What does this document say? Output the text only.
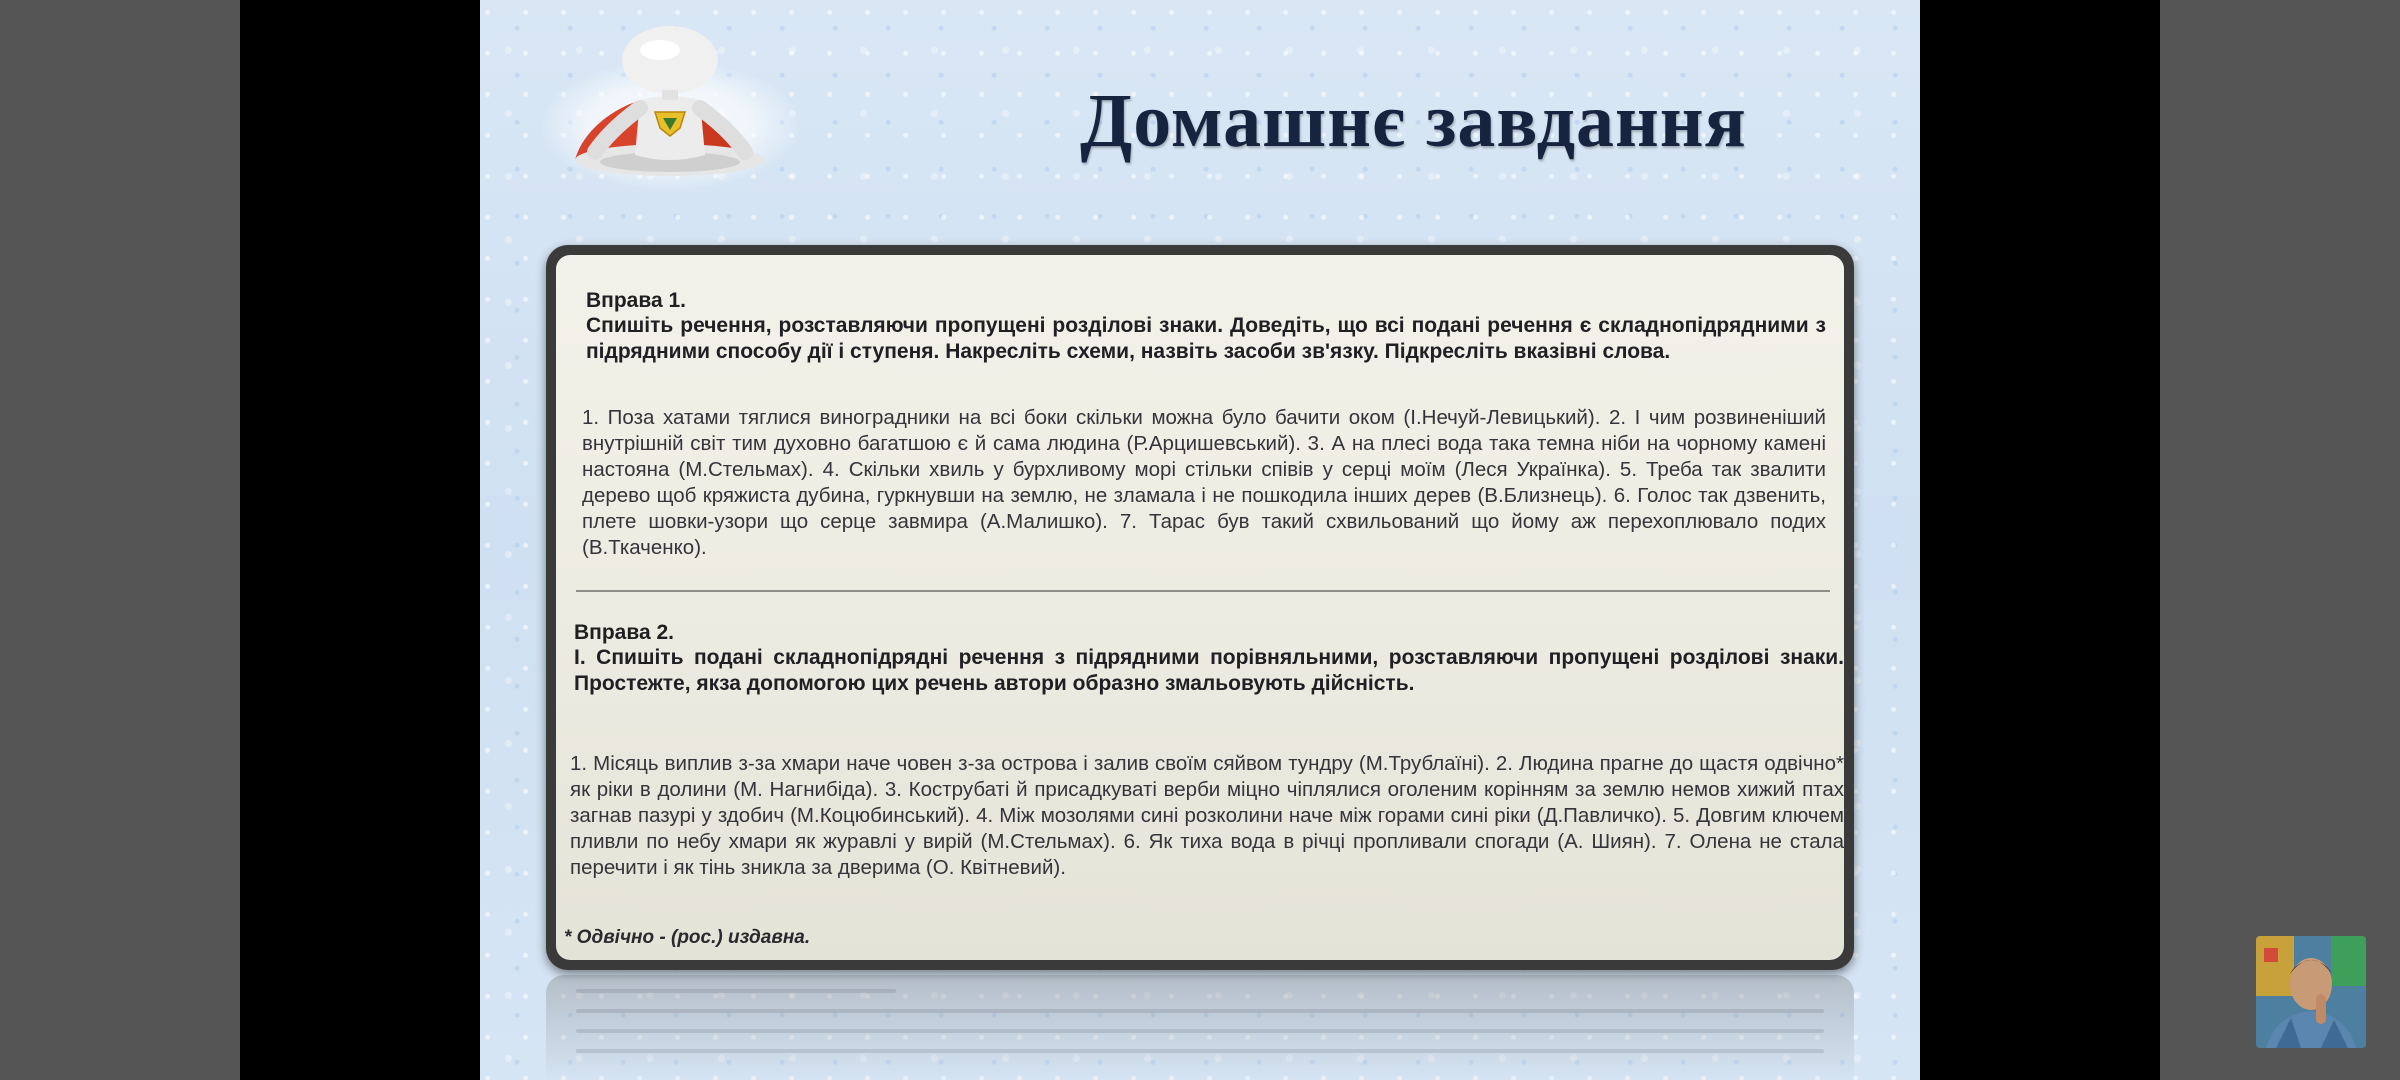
Домашнє завдання
Вправа 1.
Спишіть речення, розставляючи пропущені розділові знаки. Доведіть, що всі подані речення є складнопідрядними з підрядними способу дії і ступеня. Накресліть схеми, назвіть засоби зв'язку. Підкресліть вказівні слова.
1. Поза хатами тяглися виноградники на всі боки скільки можна було бачити оком (І.Нечуй-Левицький). 2. І чим розвиненіший внутрішній світ тим духовно багатшою є й сама людина (Р.Арцишевський). 3. А на плесі вода така темна ніби на чорному камені настояна (М.Стельмах). 4. Скільки хвиль у бурхливому морі стільки співів у серці моїм (Леся Українка). 5. Треба так звалити дерево щоб кряжиста дубина, гуркнувши на землю, не зламала і не пошкодила інших дерев (В.Близнець). 6. Голос так дзвенить, плете шовки-узори що серце завмира (А.Малишко). 7. Тарас був такий схвильований що йому аж перехоплювало подих (В.Ткаченко).
Вправа 2.
І. Спишіть подані складнопідрядні речення з підрядними порівняльними, розставляючи пропущені розділові знаки. Простежте, якза допомогою цих речень автори образно змальовують дійсність.
1. Місяць виплив з-за хмари наче човен з-за острова і залив своїм сяйвом тундру (М.Трублаїні). 2. Людина прагне до щастя одвічно* як ріки в долини (М. Нагнибіда). 3. Кострубаті й присадкуваті верби міцно чіплялися оголеним корінням за землю немов хижий птах загнав пазурі у здобич (М.Коцюбинський). 4. Між мозолями сині розколини наче між горами сині ріки (Д.Павличко). 5. Довгим ключем пливли по небу хмари як журавлі у вирій (М.Стельмах). 6. Як тиха вода в річці пропливали спогади (А. Шиян). 7. Олена не стала перечити і як тінь зникла за дверима (О. Квітневий).
* Одвічно - (рос.) издавна.
